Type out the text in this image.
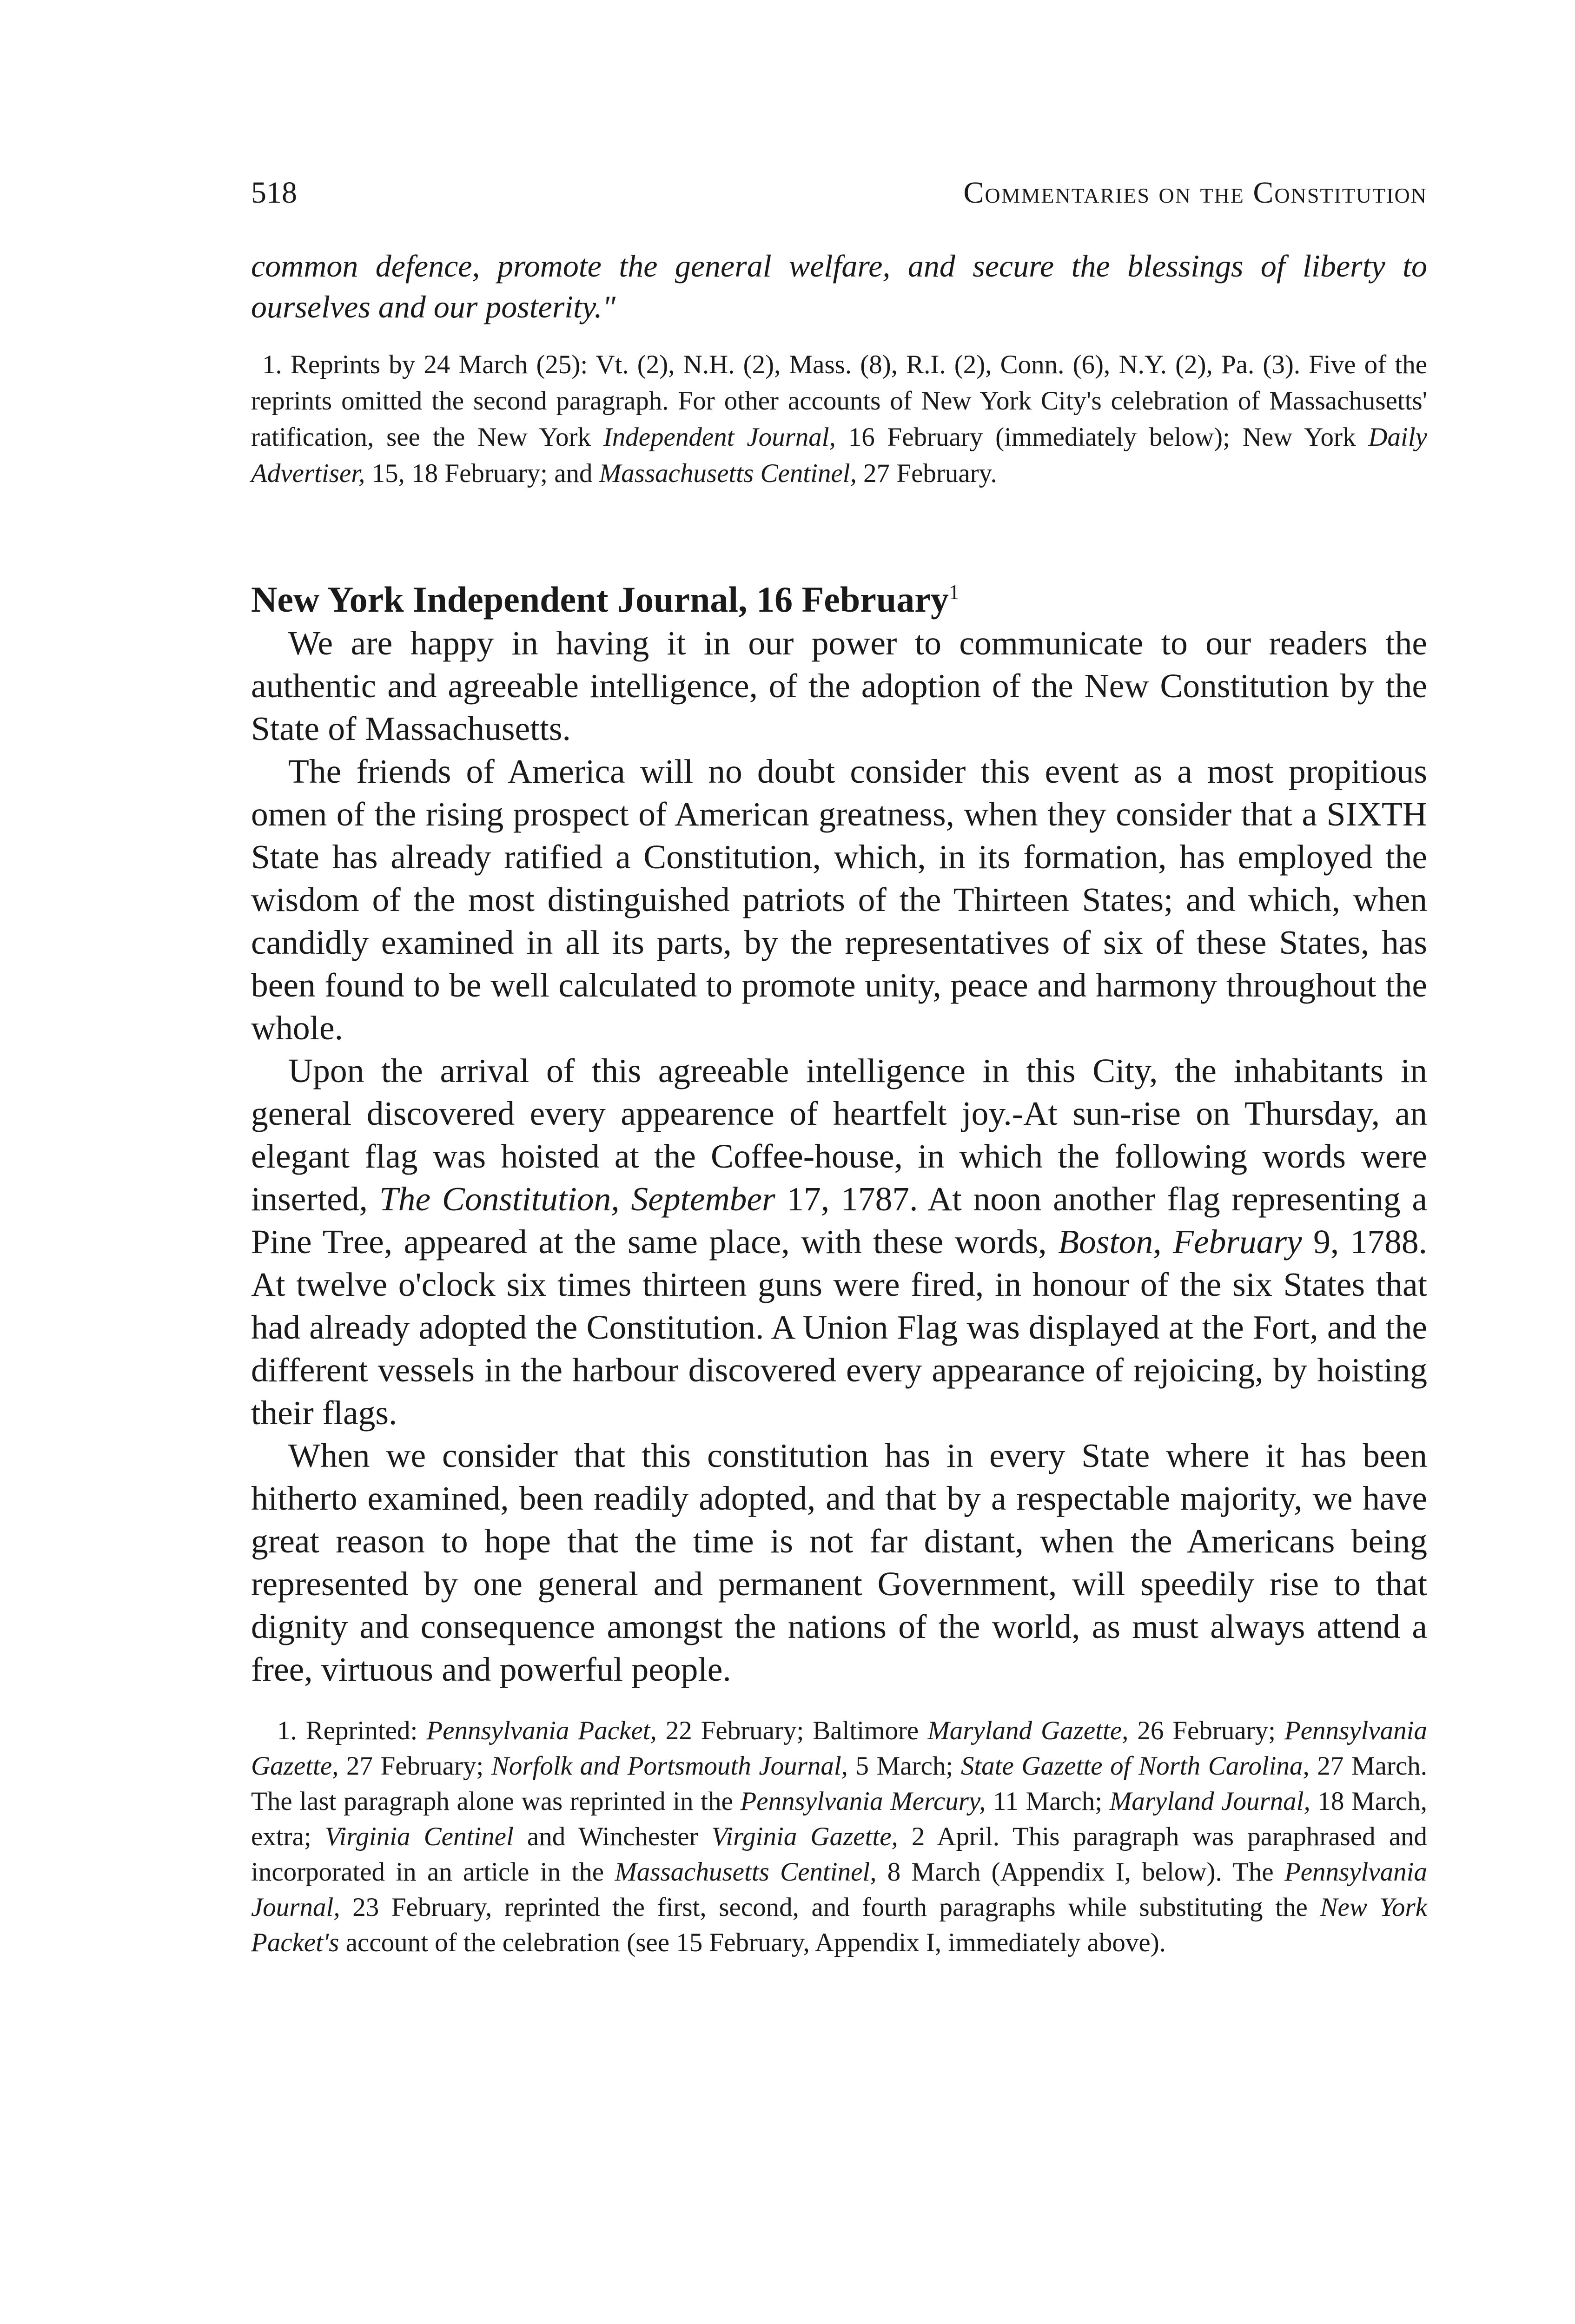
518	Commentaries on the Constitution

common defence, promote the general welfare, and secure the blessings of liberty to ourselves and our posterity."

1. Reprints by 24 March (25): Vt. (2), N.H. (2), Mass. (8), R.I. (2), Conn. (6), N.Y. (2), Pa. (3). Five of the reprints omitted the second paragraph. For other accounts of New York City's celebration of Massachusetts' ratification, see the New York Independent Journal, 16 February (immediately below); New York Daily Advertiser, 15, 18 February; and Massachusetts Centinel, 27 February.

New York Independent Journal, 16 February$^1$

We are happy in having it in our power to communicate to our readers the authentic and agreeable intelligence, of the adoption of the New Constitution by the State of Massachusetts.

The friends of America will no doubt consider this event as a most propitious omen of the rising prospect of American greatness, when they consider that a SIXTH State has already ratified a Constitution, which, in its formation, has employed the wisdom of the most distinguished patriots of the Thirteen States; and which, when candidly examined in all its parts, by the representatives of six of these States, has been found to be well calculated to promote unity, peace and harmony throughout the whole.

Upon the arrival of this agreeable intelligence in this City, the inhabitants in general discovered every appearence of heartfelt joy.-At sun-rise on Thursday, an elegant flag was hoisted at the Coffee-house, in which the following words were inserted, The Constitution, September 17, 1787. At noon another flag representing a Pine Tree, appeared at the same place, with these words, Boston, February 9, 1788. At twelve o'clock six times thirteen guns were fired, in honour of the six States that had already adopted the Constitution. A Union Flag was displayed at the Fort, and the different vessels in the harbour discovered every appearance of rejoicing, by hoisting their flags.

When we consider that this constitution has in every State where it has been hitherto examined, been readily adopted, and that by a respectable majority, we have great reason to hope that the time is not far distant, when the Americans being represented by one general and permanent Government, will speedily rise to that dignity and consequence amongst the nations of the world, as must always attend a free, virtuous and powerful people.

1. Reprinted: Pennsylvania Packet, 22 February; Baltimore Maryland Gazette, 26 February; Pennsylvania Gazette, 27 February; Norfolk and Portsmouth Journal, 5 March; State Gazette of North Carolina, 27 March. The last paragraph alone was reprinted in the Pennsylvania Mercury, 11 March; Maryland Journal, 18 March, extra; Virginia Centinel and Winchester Virginia Gazette, 2 April. This paragraph was paraphrased and incorporated in an article in the Massachusetts Centinel, 8 March (Appendix I, below). The Pennsylvania Journal, 23 February, reprinted the first, second, and fourth paragraphs while substituting the New York Packet's account of the celebration (see 15 February, Appendix I, immediately above).
